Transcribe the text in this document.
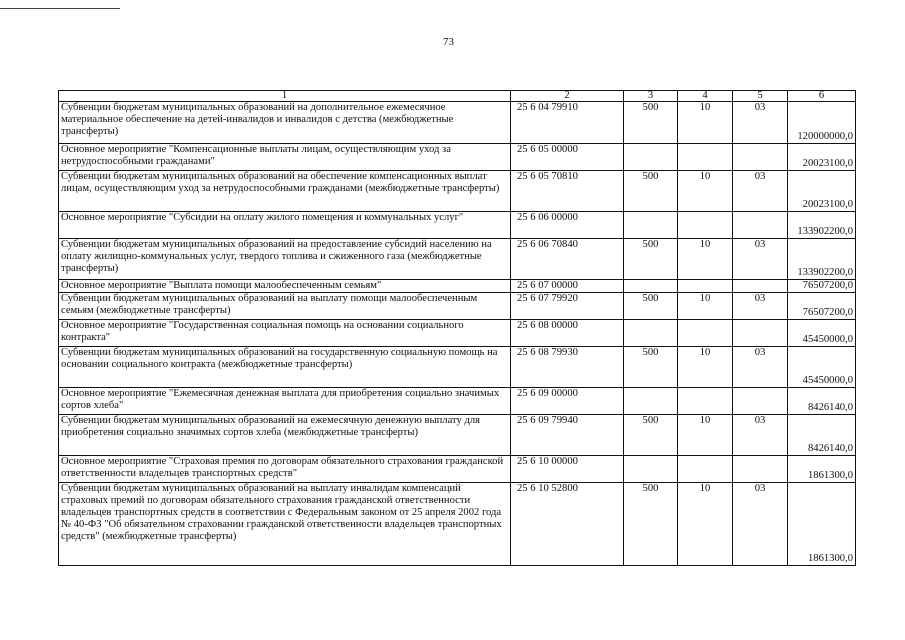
73
1	2	3	4	5	6
Субвенции бюджетам муниципальных образований на дополнительное ежемесячное материальное обеспечение на детей-инвалидов и инвалидов с детства (межбюджетные трансферты)	25 6 04 79910	500	10	03	120000000,0
Основное мероприятие "Компенсационные выплаты лицам, осуществляющим уход за нетрудоспособными гражданами"	25 6 05 00000				20023100,0
Субвенции бюджетам муниципальных образований на обеспечение компенсационных выплат лицам, осуществляющим уход за нетрудоспособными гражданами (межбюджетные трансферты)	25 6 05 70810	500	10	03	20023100,0
Основное мероприятие "Субсидии на оплату жилого помещения и коммунальных услуг"	25 6 06 00000				133902200,0
Субвенции бюджетам муниципальных образований на предоставление субсидий населению на оплату жилищно-коммунальных услуг, твердого топлива и сжиженного газа (межбюджетные трансферты)	25 6 06 70840	500	10	03	133902200,0
Основное мероприятие "Выплата помощи малообеспеченным семьям"	25 6 07 00000				76507200,0
Субвенции бюджетам муниципальных образований на выплату помощи малообеспеченным семьям (межбюджетные трансферты)	25 6 07 79920	500	10	03	76507200,0
Основное мероприятие "Государственная социальная помощь на основании социального контракта"	25 6 08 00000				45450000,0
Субвенции бюджетам муниципальных образований на государственную социальную помощь на основании социального контракта (межбюджетные трансферты)	25 6 08 79930	500	10	03	45450000,0
Основное мероприятие "Ежемесячная денежная выплата для приобретения социально значимых сортов хлеба"	25 6 09 00000				8426140,0
Субвенции бюджетам муниципальных образований на ежемесячную денежную выплату для приобретения социально значимых сортов хлеба (межбюджетные трансферты)	25 6 09 79940	500	10	03	8426140,0
Основное мероприятие "Страховая премия по договорам обязательного страхования гражданской ответственности владельцев транспортных средств"	25 6 10 00000				1861300,0
Субвенции бюджетам муниципальных образований на выплату инвалидам компенсаций страховых премий по договорам обязательного страхования гражданской ответственности владельцев транспортных средств в соответствии с Федеральным законом от 25 апреля 2002 года № 40-ФЗ "Об обязательном страховании гражданской ответственности владельцев транспортных средств" (межбюджетные трансферты)	25 6 10 52800	500	10	03	1861300,0
